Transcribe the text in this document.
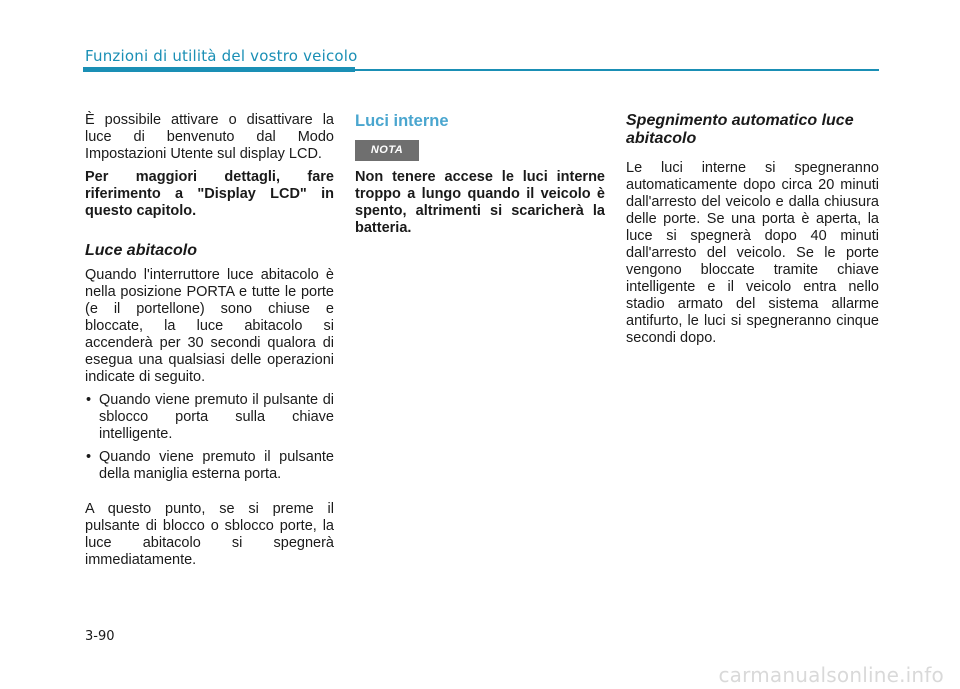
Funzioni di utilità del vostro veicolo

È possibile attivare o disattivare la luce di benvenuto dal Modo Impostazioni Utente sul display LCD.

Per maggiori dettagli, fare riferimento a "Display LCD" in questo capitolo.

Luce abitacolo

Quando l'interruttore luce abitacolo è nella posizione PORTA e tutte le porte (e il portellone) sono chiuse e bloccate, la luce abitacolo si accenderà per 30 secondi qualora di esegua una qualsiasi delle operazioni indicate di seguito.

• Quando viene premuto il pulsante di sblocco porta sulla chiave intelligente.
• Quando viene premuto il pulsante della maniglia esterna porta.

A questo punto, se si preme il pulsante di blocco o sblocco porte, la luce abitacolo si spegnerà immediatamente.

Luci interne
NOTA

Non tenere accese le luci interne troppo a lungo quando il veicolo è spento, altrimenti si scaricherà la batteria.

Spegnimento automatico luce abitacolo

Le luci interne si spegneranno automaticamente dopo circa 20 minuti dall'arresto del veicolo e dalla chiusura delle porte. Se una porta è aperta, la luce si spegnerà dopo 40 minuti dall'arresto del veicolo. Se le porte vengono bloccate tramite chiave intelligente e il veicolo entra nello stadio armato del sistema allarme antifurto, le luci si spegneranno cinque secondi dopo.

3-90
carmanualsonline.info
